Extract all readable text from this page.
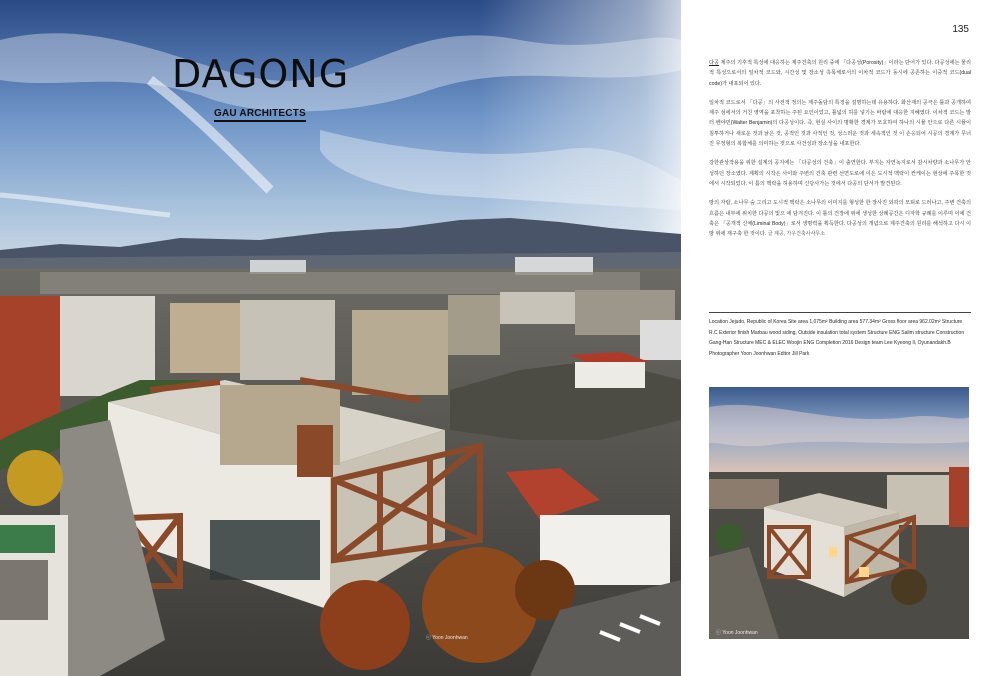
DAGONG
GAU ARCHITECTS
ⓒ Yoon Joonhwan
135

다공 제주의 기후적 특성에 대응하는 제주건축의 원리 중에 「다공성(Porosity)」이라는 단어가 있다. 다공성에는 물리적 특성으로서의 일차적 코드와, 시간성 및 장소성 측목체로서의 이차적 코드가 동시에 공존하는 이중적 코드(dual code)가 내포되어 있다.

일차적 코드로서 「다공」의 사전적 정의는 제주돌담의 특징을 설명하는데 유용하다. 화산재의 공극은 틀과 공개하여 제주 섬에서의 거친 영역을 포착하는 주된 요인이었고, 틀넓의 허를 넣기는 바람에 대응한 지혜였다. 이차적 코드는 발터 벤야민(Walter Benjamin)의 다공성이다. 즉, 현실 사이의 명확한 경계가 모호하여 하나의 시뮬 안으로 다른 시뮬이 침투하거나 새로운 것과 낡은 것, 공적인 것과 사적인 것, 성스러운 것과 세속적인 것 이 손응되어 시공의 경계가 무너진 무정형의 복합체를 의미하는 것으로 사건성과 장소성을 내포한다.

강한관상작용을 위한 설계의 공지에는 「다공성의 건축」이 출연한다. 부지는 자연녹지로서 감시차량과 소나무가 안성하던 장소였다. 계획의 시작은 사이와 주변의 건축 관련 선면도로에 이은 도시적 맥락이 컨케이는 현상에 주목한 것에서 시작되었다. 이 틈의 맥락을 허용하며 신당사가는 것에서 다공의 단서가 발견된다.

땅의 자람, 소나무 숲 그리고 도시적 맥락은 소나무의 이미지를 형성한 한 장사진 외곽의 모퇴로 드러나고, 주변 건축의 흐름은 내부에 위치한 다공의 빛으 에 담겨진다. 이 틀의 건장에 위에 생성한 상례공간은 디자학 규례를 이루며 이에 건축은 「공개적 신체(Liminal Body)」로서 생명력을 획득한다. 다공성의 개념으로 제주건축의 원리를 해석하고 다시 이 땅 위에 재구축 한 것이다. 글 제공, 가우건축사사무소

Location Jejudo, Republic of Korea Site area 1,075m² Building area 577.34m² Gross floor area 962.02m² Structure R.C Exterior finish Marbau wood siding, Outside insulation total system Structure ENG Salim structure Construction Gang-Han Structure MEC & ELEC Woojin ENG Completion 2016 Design team Lee Kyeong Il, Oyunandakh.B Photographer Yoon Joonhwan Editor Jill Park
ⓒ Yoon Joonhwan
